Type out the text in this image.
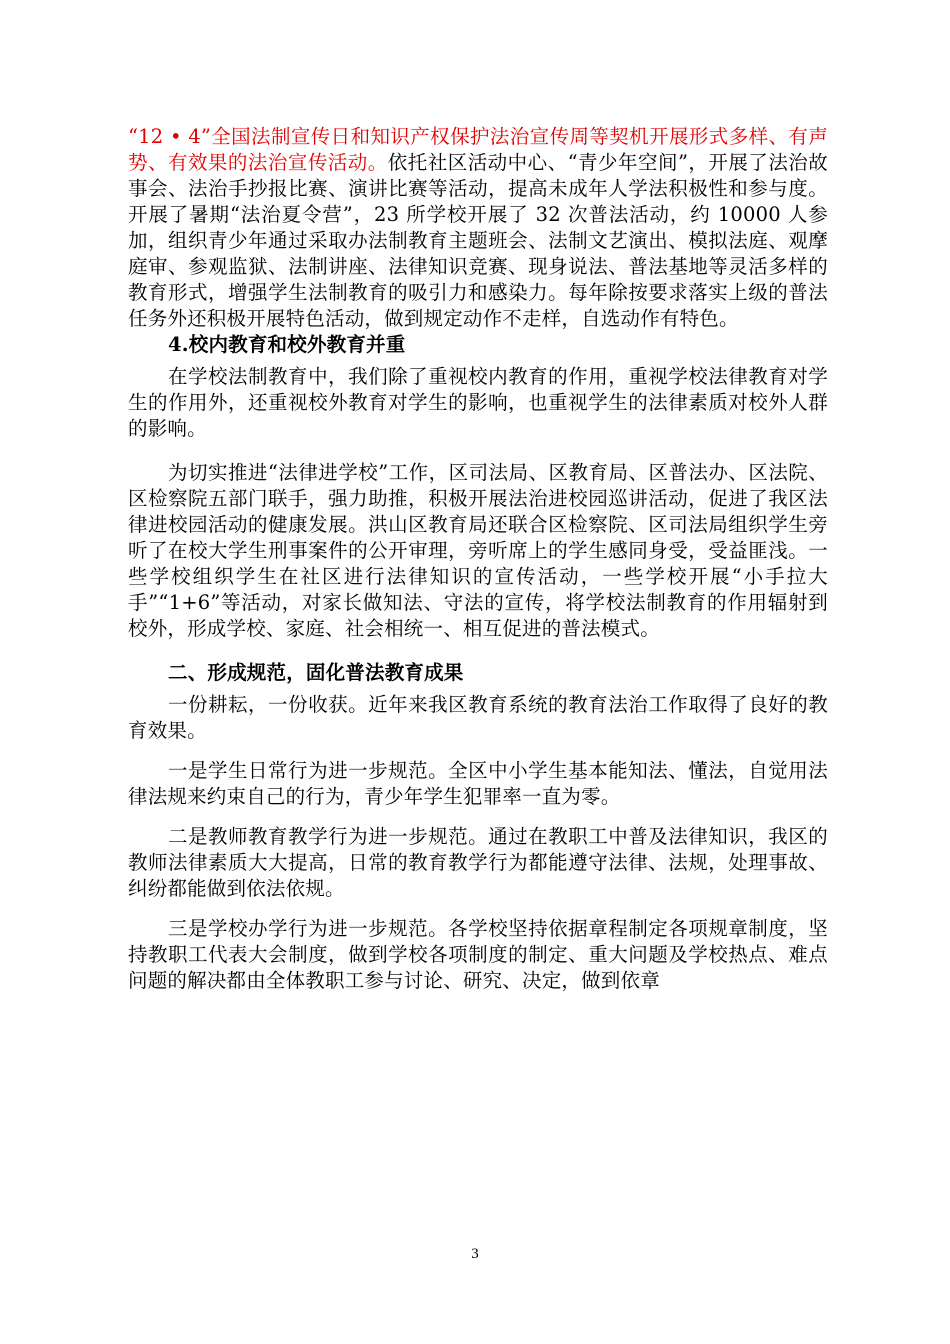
“12 • 4”全国法制宣传日和知识产权保护法治宣传周等契机开展形式多样、有声势、有效果的法治宣传活动。依托社区活动中心、“青少年空间”，开展了法治故事会、法治手抄报比赛、演讲比赛等活动，提高未成年人学法积极性和参与度。开展了暑期“法治夏令营”，23 所学校开展了 32 次普法活动，约 10000 人参加，组织青少年通过采取办法制教育主题班会、法制文艺演出、模拟法庭、观摩庭审、参观监狱、法制讲座、法律知识竞赛、现身说法、普法基地等灵活多样的教育形式，增强学生法制教育的吸引力和感染力。每年除按要求落实上级的普法任务外还积极开展特色活动，做到规定动作不走样，自选动作有特色。

4.校内教育和校外教育并重

在学校法制教育中，我们除了重视校内教育的作用，重视学校法律教育对学生的作用外，还重视校外教育对学生的影响，也重视学生的法律素质对校外人群的影响。

为切实推进“法律进学校”工作，区司法局、区教育局、区普法办、区法院、区检察院五部门联手，强力助推，积极开展法治进校园巡讲活动，促进了我区法律进校园活动的健康发展。洪山区教育局还联合区检察院、区司法局组织学生旁听了在校大学生刑事案件的公开审理，旁听席上的学生感同身受，受益匪浅。一些学校组织学生在社区进行法律知识的宣传活动，一些学校开展“小手拉大手”“1+6”等活动，对家长做知法、守法的宣传，将学校法制教育的作用辐射到校外，形成学校、家庭、社会相统一、相互促进的普法模式。

二、形成规范，固化普法教育成果

一份耕耘，一份收获。近年来我区教育系统的教育法治工作取得了良好的教育效果。

一是学生日常行为进一步规范。全区中小学生基本能知法、懂法，自觉用法律法规来约束自己的行为，青少年学生犯罪率一直为零。

二是教师教育教学行为进一步规范。通过在教职工中普及法律知识，我区的教师法律素质大大提高，日常的教育教学行为都能遵守法律、法规，处理事故、纠纷都能做到依法依规。

三是学校办学行为进一步规范。各学校坚持依据章程制定各项规章制度，坚持教职工代表大会制度，做到学校各项制度的制定、重大问题及学校热点、难点问题的解决都由全体教职工参与讨论、研究、决定，做到依章

3
